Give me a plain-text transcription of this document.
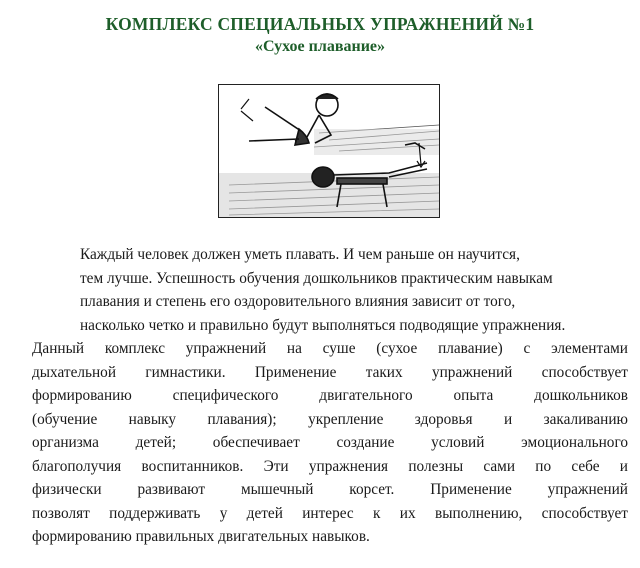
КОМПЛЕКС СПЕЦИАЛЬНЫХ УПРАЖНЕНИЙ №1
«Сухое плавание»
Каждый человек должен уметь плавать. И чем раньше он научится,
тем лучше. Успешность обучения дошкольников практическим навыкам
плавания и степень его оздоровительного влияния зависит от того,
насколько четко и правильно будут выполняться подводящие упражнения.
Данный комплекс упражнений на суше (сухое плавание) с элементами
дыхательной гимнастики. Применение таких упражнений способствует
формированию специфического двигательного опыта дошкольников
(обучение навыку плавания); укрепление здоровья и закаливанию
организма детей; обеспечивает создание условий эмоционального
благополучия воспитанников. Эти упражнения полезны сами по себе и
физически развивают мышечный корсет. Применение упражнений
позволят поддерживать у детей интерес к их выполнению, способствует
формированию правильных двигательных навыков.
